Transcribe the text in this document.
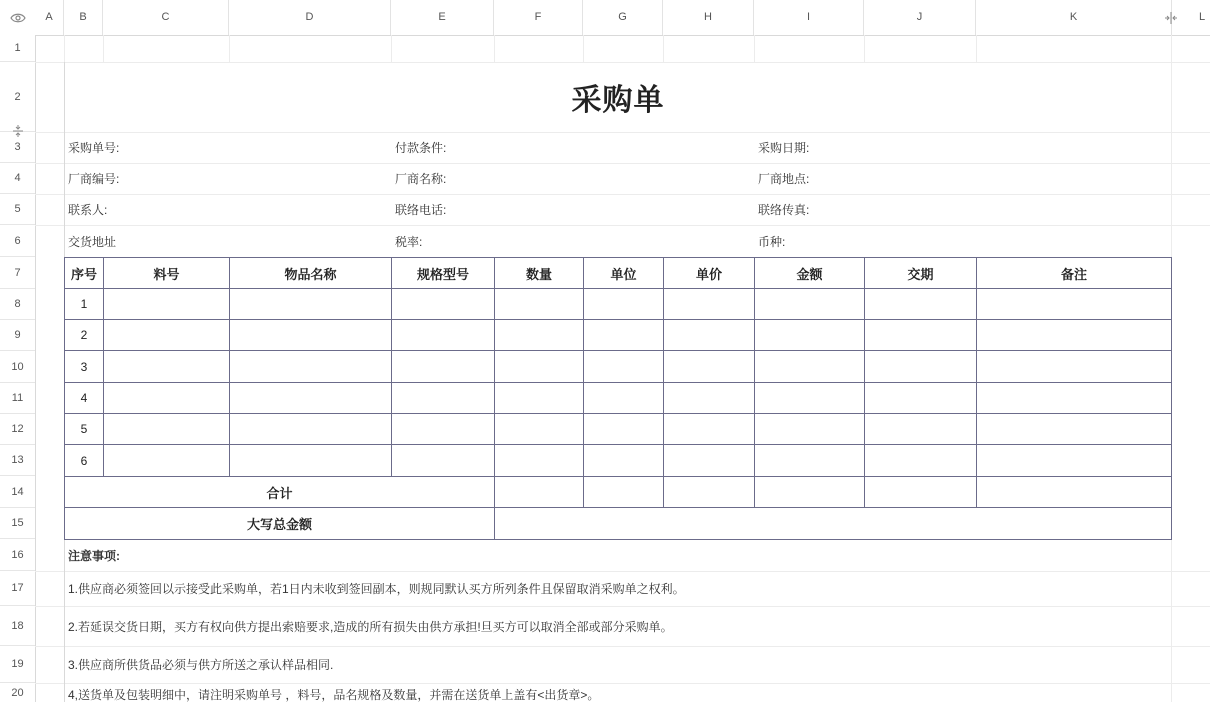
A	B	C	D	E	F	G	H	I	J	K	L
1
2
3
4
5
6
7
8
9
10
11
12
13
14
15
16
17
18
19
20
采购单
采购单号:	付款条件:	采购日期:
厂商编号:	厂商名称:	厂商地点:
联系人:	联络电话:	联络传真:
交货地址	税率:	币种:
序号	料号	物品名称	规格型号	数量	单位	单价	金额	交期	备注
1
2
3
4
5
6
合计
大写总金额
注意事项:
1.供应商必须签回以示接受此采购单，若1日内未收到签回副本，则规同默认买方所列条件且保留取消采购单之权利。
2.若延误交货日期，买方有权向供方提出索赔要求,造成的所有损失由供方承担!旦买方可以取消全部或部分采购单。
3.供应商所供货品必须与供方所送之承认样品相同.
4,送货单及包装明细中，请注明采购单号 ，料号，品名规格及数量，并需在送货单上盖有<出货章>。
